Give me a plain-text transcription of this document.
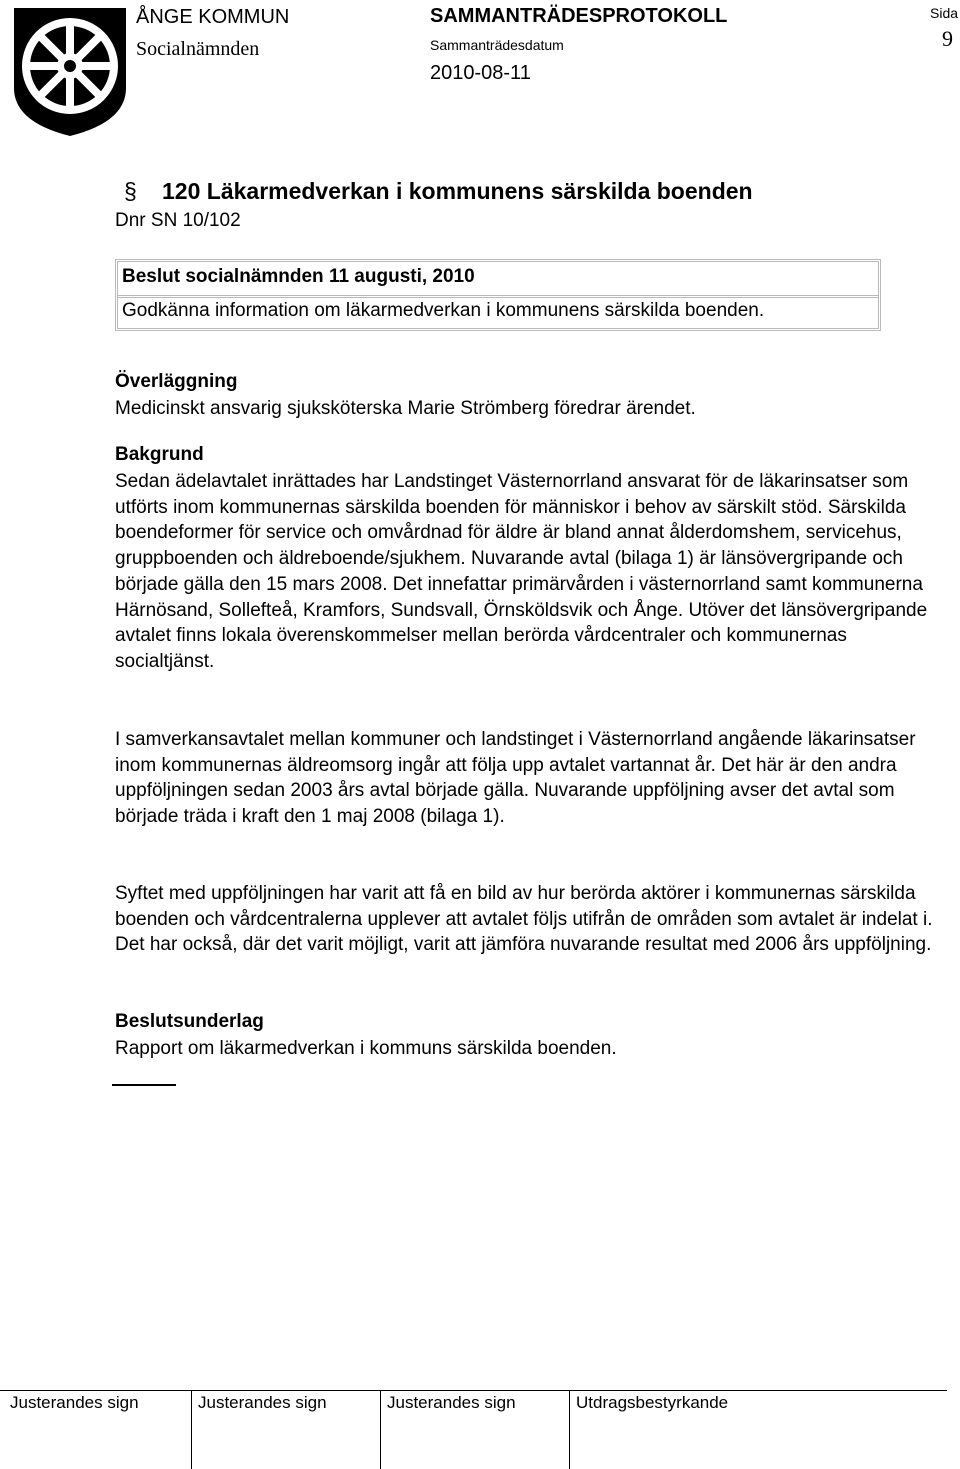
ÅNGE KOMMUN
Socialnämnden
SAMMANTRÄDESPROTOKOLL
Sammanträdesdatum
2010-08-11
Sida
9
§ 120 Läkarmedverkan i kommunens särskilda boenden
Dnr SN 10/102
Beslut socialnämnden 11 augusti, 2010
Godkänna information om läkarmedverkan i kommunens särskilda boenden.
Överläggning
Medicinskt ansvarig sjuksköterska Marie Strömberg föredrar ärendet.
Bakgrund

Sedan ädelavtalet inrättades har Landstinget Västernorrland ansvarat för de läkarinsatser som utförts inom kommunernas särskilda boenden för människor i behov av särskilt stöd. Särskilda boendeformer för service och omvårdnad för äldre är bland annat ålderdomshem, servicehus, gruppboenden och äldreboende/sjukhem. Nuvarande avtal (bilaga 1) är länsövergripande och började gälla den 15 mars 2008. Det innefattar primärvården i västernorrland samt kommunerna Härnösand, Sollefteå, Kramfors, Sundsvall, Örnsköldsvik och Ånge. Utöver det länsövergripande avtalet finns lokala överenskommelser mellan berörda vårdcentraler och kommunernas socialtjänst.

I samverkansavtalet mellan kommuner och landstinget i Västernorrland angående läkarinsatser inom kommunernas äldreomsorg ingår att följa upp avtalet vartannat år. Det här är den andra uppföljningen sedan 2003 års avtal började gälla. Nuvarande uppföljning avser det avtal som började träda i kraft den 1 maj 2008 (bilaga 1).

Syftet med uppföljningen har varit att få en bild av hur berörda aktörer i kommunernas särskilda boenden och vårdcentralerna upplever att avtalet följs utifrån de områden som avtalet är indelat i. Det har också, där det varit möjligt, varit att jämföra nuvarande resultat med 2006 års uppföljning.

Beslutsunderlag
Rapport om läkarmedverkan i kommuns särskilda boenden.
Justerandes sign	Justerandes sign	Justerandes sign	Utdragsbestyrkande
